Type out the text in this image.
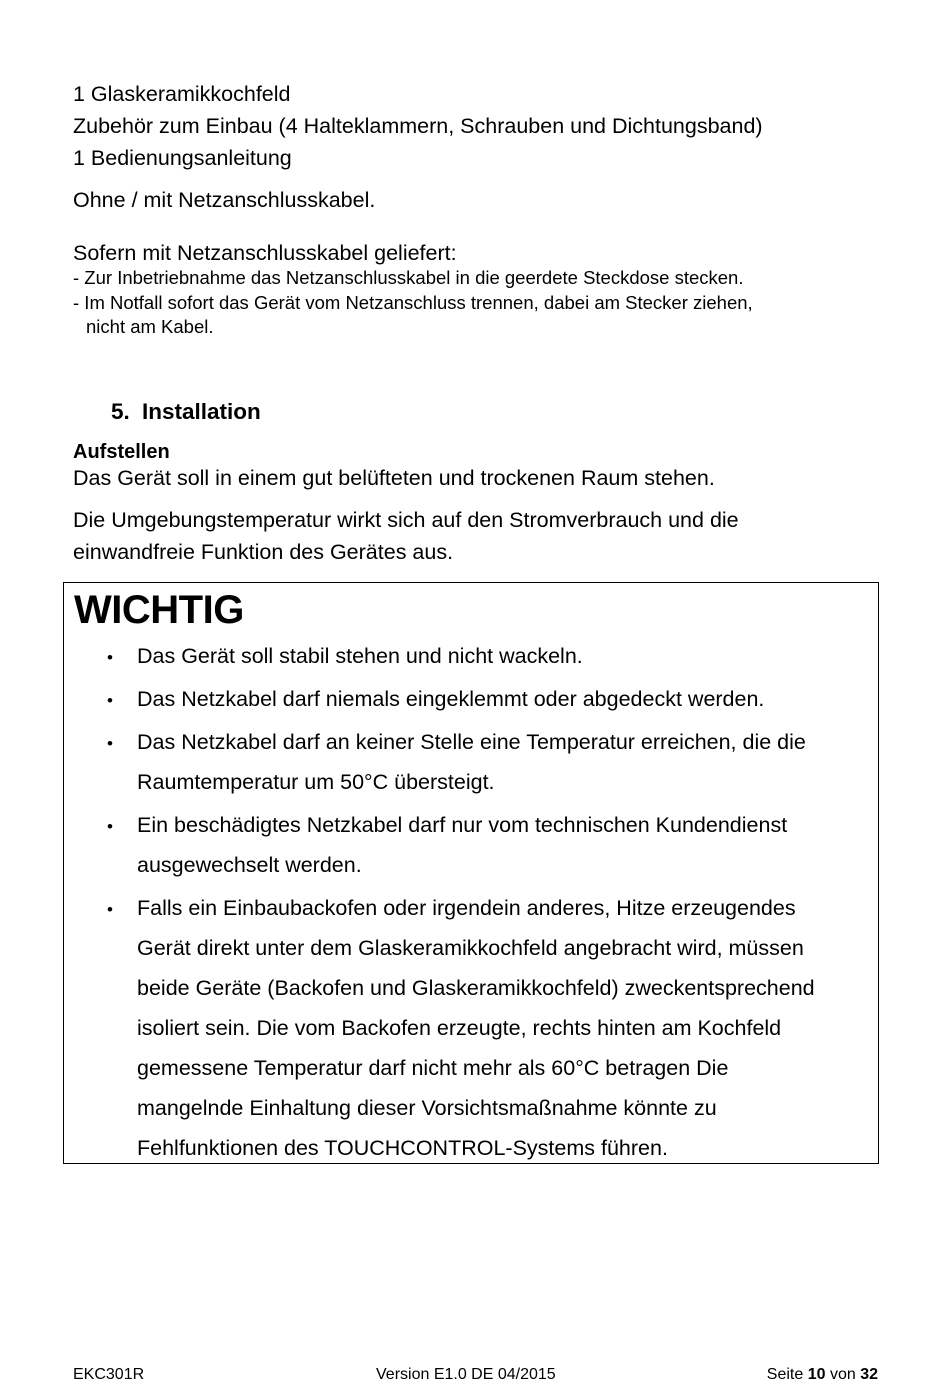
1 Glaskeramikkochfeld
Zubehör zum Einbau (4 Halteklammern, Schrauben und Dichtungsband)
1 Bedienungsanleitung
Ohne / mit Netzanschlusskabel.
Sofern mit Netzanschlusskabel geliefert:
- Zur Inbetriebnahme das Netzanschlusskabel in die geerdete Steckdose stecken.
- Im Notfall sofort das Gerät vom Netzanschluss trennen, dabei am Stecker ziehen,
nicht am Kabel.
5. Installation
Aufstellen
Das Gerät soll in einem gut belüfteten und trockenen Raum stehen.
Die Umgebungstemperatur wirkt sich auf den Stromverbrauch und die
einwandfreie Funktion des Gerätes aus.
WICHTIG
• Das Gerät soll stabil stehen und nicht wackeln.
• Das Netzkabel darf niemals eingeklemmt oder abgedeckt werden.
• Das Netzkabel darf an keiner Stelle eine Temperatur erreichen, die die
Raumtemperatur um 50°C übersteigt.
• Ein beschädigtes Netzkabel darf nur vom technischen Kundendienst
ausgewechselt werden.
• Falls ein Einbaubackofen oder irgendein anderes, Hitze erzeugendes
Gerät direkt unter dem Glaskeramikkochfeld angebracht wird, müssen
beide Geräte (Backofen und Glaskeramikkochfeld) zweckentsprechend
isoliert sein. Die vom Backofen erzeugte, rechts hinten am Kochfeld
gemessene Temperatur darf nicht mehr als 60°C betragen Die
mangelnde Einhaltung dieser Vorsichtsmaßnahme könnte zu
Fehlfunktionen des TOUCHCONTROL-Systems führen.
EKC301R	Version E1.0 DE 04/2015	Seite 10 von 32
